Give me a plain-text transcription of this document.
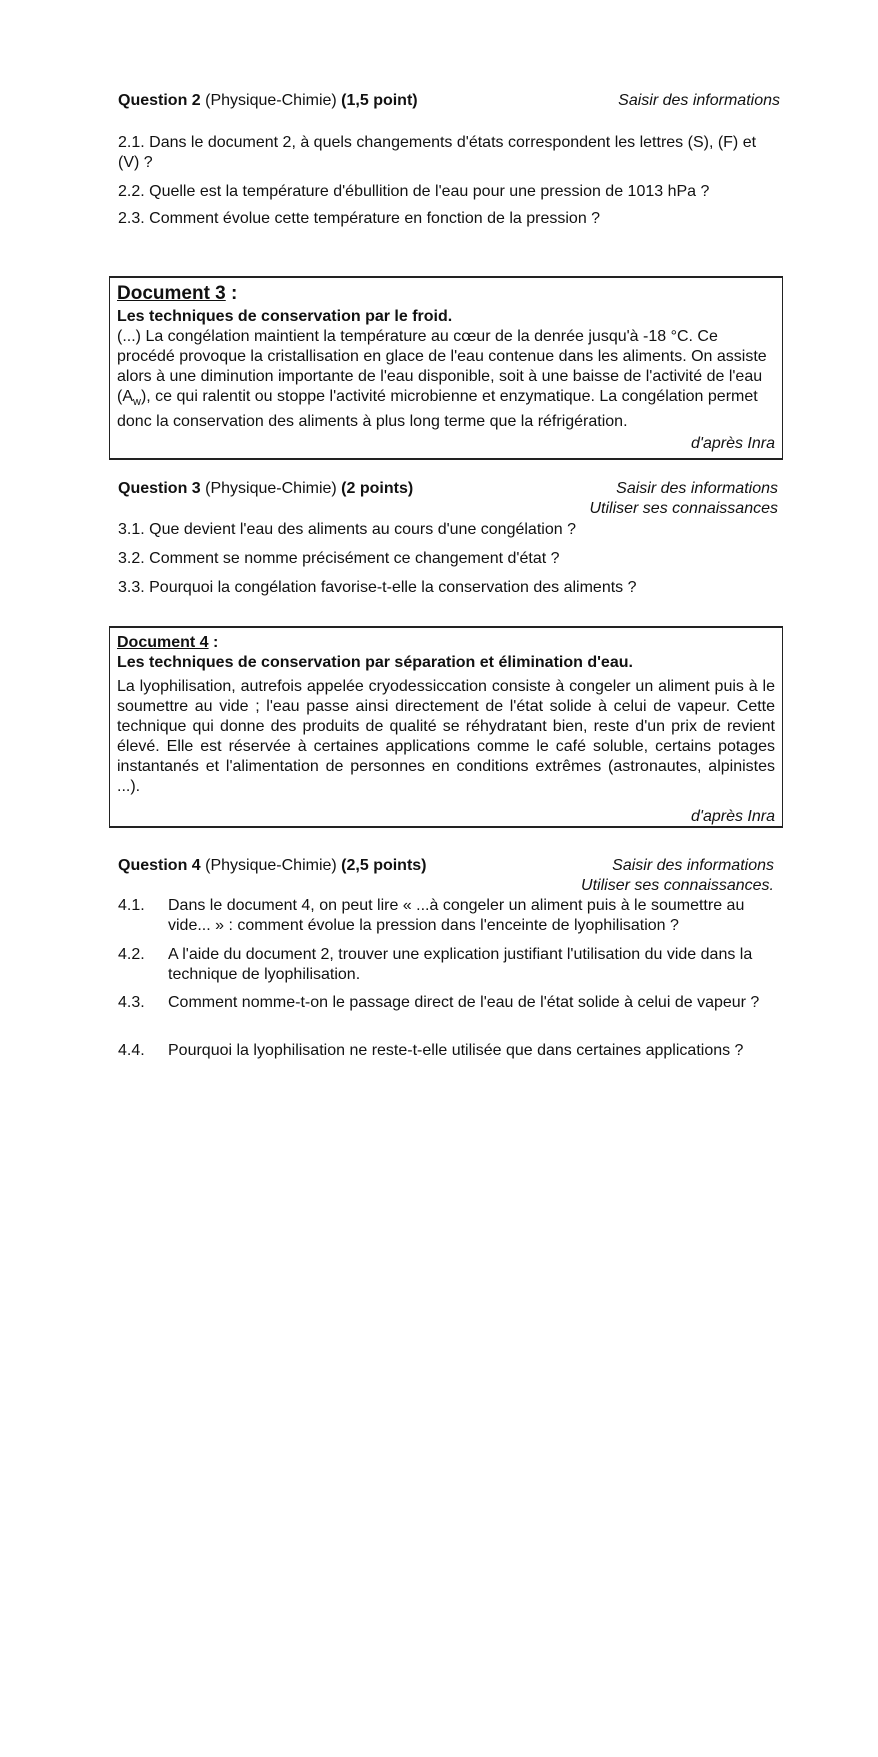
Question 2 (Physique-Chimie) (1,5 point)	Saisir des informations
2.1. Dans le document 2, à quels changements d'états correspondent les lettres (S), (F) et (V) ?
2.2. Quelle est la température d'ébullition de l'eau pour une pression de 1013 hPa ?
2.3. Comment évolue cette température en fonction de la pression ?
Document 3 :
Les techniques de conservation par le froid.
(...) La congélation maintient la température au cœur de la denrée jusqu'à -18 °C. Ce procédé provoque la cristallisation en glace de l'eau contenue dans les aliments. On assiste alors à une diminution importante de l'eau disponible, soit à une baisse de l'activité de l'eau $(A_w)$, ce qui ralentit ou stoppe l'activité microbienne et enzymatique. La congélation permet donc la conservation des aliments à plus long terme que la réfrigération.
d'après Inra
Question 3 (Physique-Chimie) (2 points)	Saisir des informations
Utiliser ses connaissances
3.1. Que devient l'eau des aliments au cours d'une congélation ?
3.2. Comment se nomme précisément ce changement d'état ?
3.3. Pourquoi la congélation favorise-t-elle la conservation des aliments ?
Document 4 :
Les techniques de conservation par séparation et élimination d'eau.
La lyophilisation, autrefois appelée cryodessiccation consiste à congeler un aliment puis à le soumettre au vide ; l'eau passe ainsi directement de l'état solide à celui de vapeur. Cette technique qui donne des produits de qualité se réhydratant bien, reste d'un prix de revient élevé. Elle est réservée à certaines applications comme le café soluble, certains potages instantanés et l'alimentation de personnes en conditions extrêmes (astronautes, alpinistes ...).
d'après Inra
Question 4 (Physique-Chimie) (2,5 points)	Saisir des informations
Utiliser ses connaissances.
4.1. Dans le document 4, on peut lire « ...à congeler un aliment puis à le soumettre au vide... » : comment évolue la pression dans l'enceinte de lyophilisation ?
4.2. A l'aide du document 2, trouver une explication justifiant l'utilisation du vide dans la technique de lyophilisation.
4.3. Comment nomme-t-on le passage direct de l'eau de l'état solide à celui de vapeur ?
4.4. Pourquoi la lyophilisation ne reste-t-elle utilisée que dans certaines applications ?
